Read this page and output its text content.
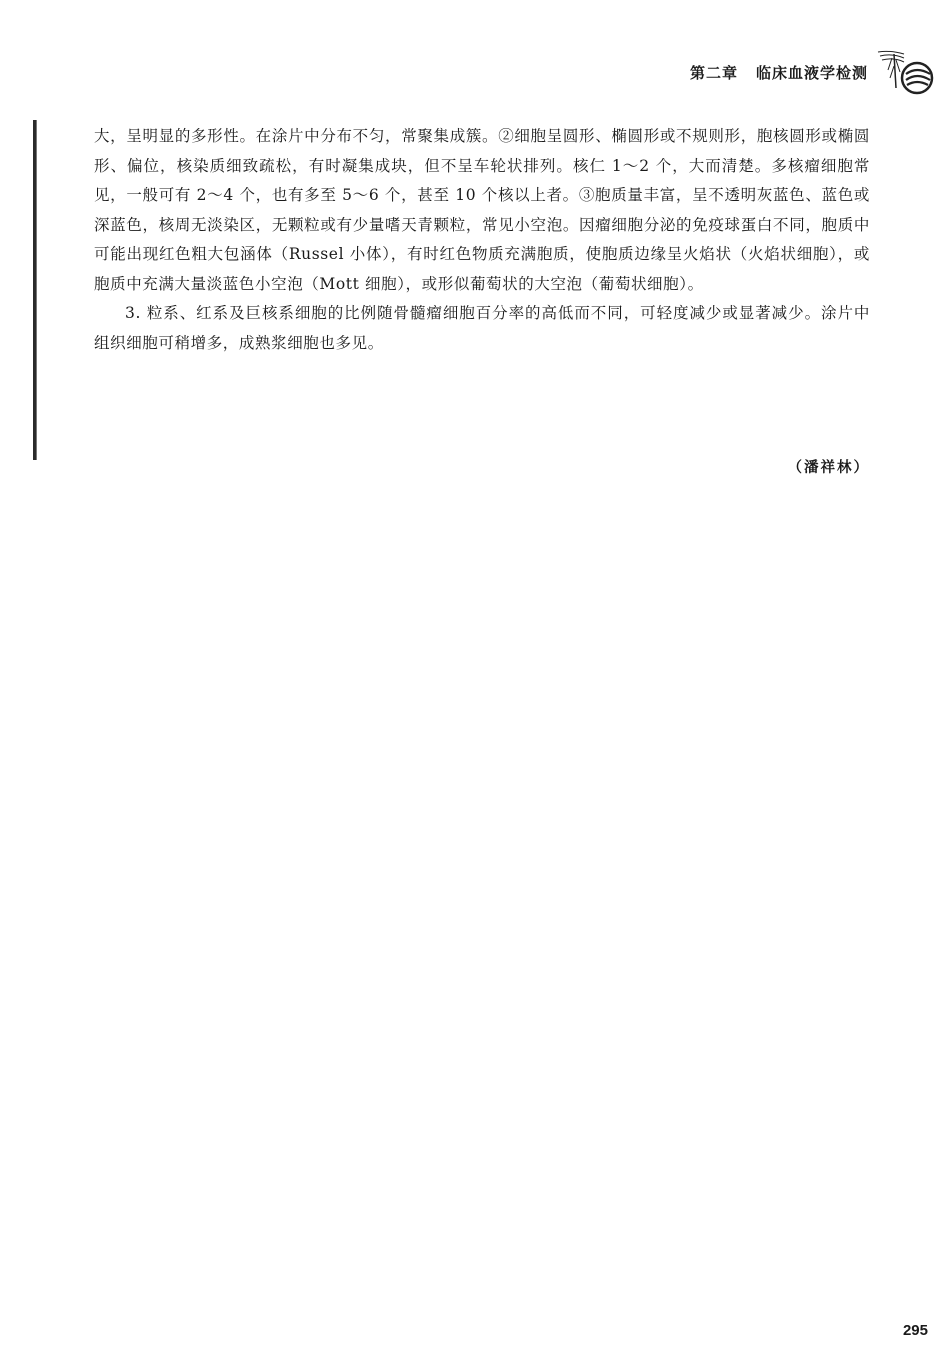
第二章 临床血液学检测

大，呈明显的多形性。在涂片中分布不匀，常聚集成簇。②细胞呈圆形、椭圆形或不规则形，胞核圆形或椭圆形、偏位，核染质细致疏松，有时凝集成块，但不呈车轮状排列。核仁 1～2 个，大而清楚。多核瘤细胞常见，一般可有 2～4 个，也有多至 5～6 个，甚至 10 个核以上者。③胞质量丰富，呈不透明灰蓝色、蓝色或深蓝色，核周无淡染区，无颗粒或有少量嗜天青颗粒，常见小空泡。因瘤细胞分泌的免疫球蛋白不同，胞质中可能出现红色粗大包涵体（Russel 小体），有时红色物质充满胞质，使胞质边缘呈火焰状（火焰状细胞），或胞质中充满大量淡蓝色小空泡（Mott 细胞），或形似葡萄状的大空泡（葡萄状细胞）。

3. 粒系、红系及巨核系细胞的比例随骨髓瘤细胞百分率的高低而不同，可轻度减少或显著减少。涂片中组织细胞可稍增多，成熟浆细胞也多见。

（潘祥林）
295
